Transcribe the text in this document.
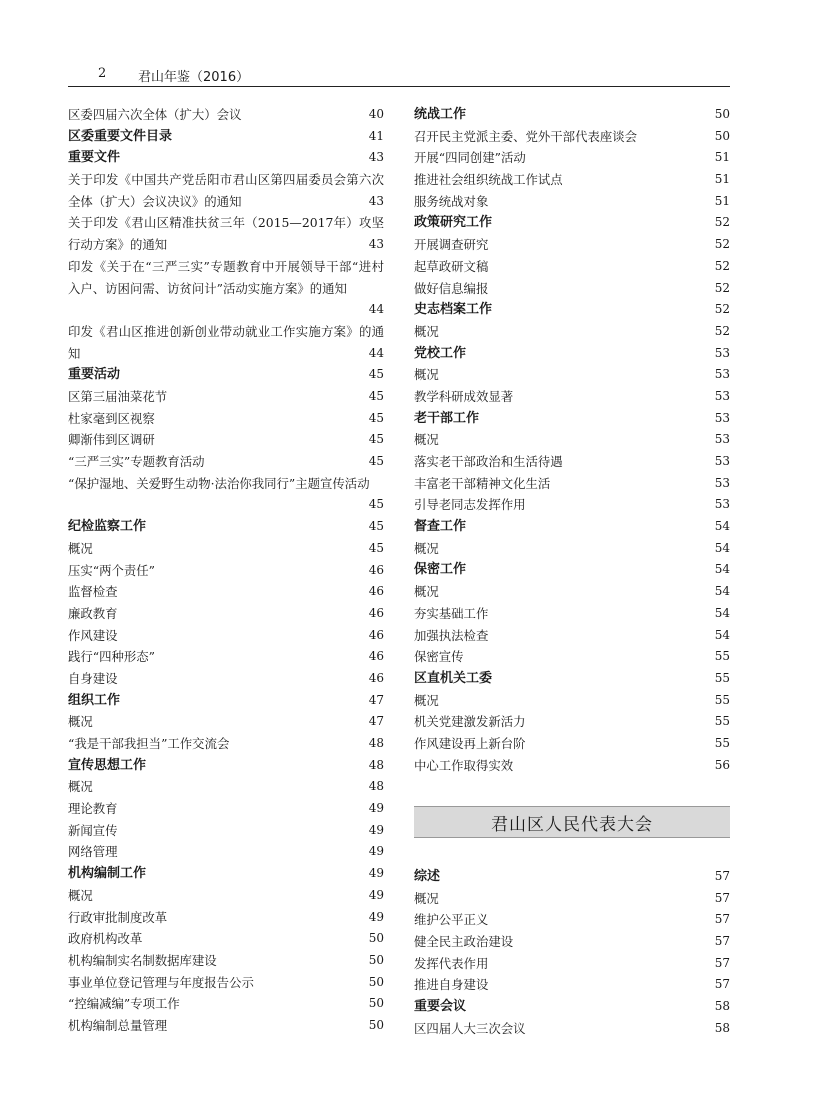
2 君山年鉴（2016）
区委四届六次全体（扩大）会议	40
区委重要文件目录	41
重要文件	43
关于印发《中国共产党岳阳市君山区第四届委员会第六次全体（扩大）会议决议》的通知	43
关于印发《君山区精准扶贫三年（2015—2017年）攻坚行动方案》的通知	43
印发《关于在“三严三实”专题教育中开展领导干部“进村入户、访困问需、访贫问计”活动实施方案》的通知
44
印发《君山区推进创新创业带动就业工作实施方案》的通知	44
重要活动	45
区第三届油菜花节	45
杜家毫到区视察	45
卿渐伟到区调研	45
“三严三实”专题教育活动	45
“保护湿地、关爱野生动物·法治你我同行”主题宣传活动
45
纪检监察工作	45
概况	45
压实“两个责任”	46
监督检查	46
廉政教育	46
作风建设	46
践行“四种形态”	46
自身建设	46
组织工作	47
概况	47
“我是干部我担当”工作交流会	48
宣传思想工作	48
概况	48
理论教育	49
新闻宣传	49
网络管理	49
机构编制工作	49
概况	49
行政审批制度改革	49
政府机构改革	50
机构编制实名制数据库建设	50
事业单位登记管理与年度报告公示	50
“控编减编”专项工作	50
机构编制总量管理	50
统战工作	50
召开民主党派主委、党外干部代表座谈会	50
开展“四同创建”活动	51
推进社会组织统战工作试点	51
服务统战对象	51
政策研究工作	52
开展调查研究	52
起草政研文稿	52
做好信息编报	52
史志档案工作	52
概况	52
党校工作	53
概况	53
教学科研成效显著	53
老干部工作	53
概况	53
落实老干部政治和生活待遇	53
丰富老干部精神文化生活	53
引导老同志发挥作用	53
督查工作	54
概况	54
保密工作	54
概况	54
夯实基础工作	54
加强执法检查	54
保密宣传	55
区直机关工委	55
概况	55
机关党建激发新活力	55
作风建设再上新台阶	55
中心工作取得实效	56
君山区人民代表大会
综述	57
概况	57
维护公平正义	57
健全民主政治建设	57
发挥代表作用	57
推进自身建设	57
重要会议	58
区四届人大三次会议	58
